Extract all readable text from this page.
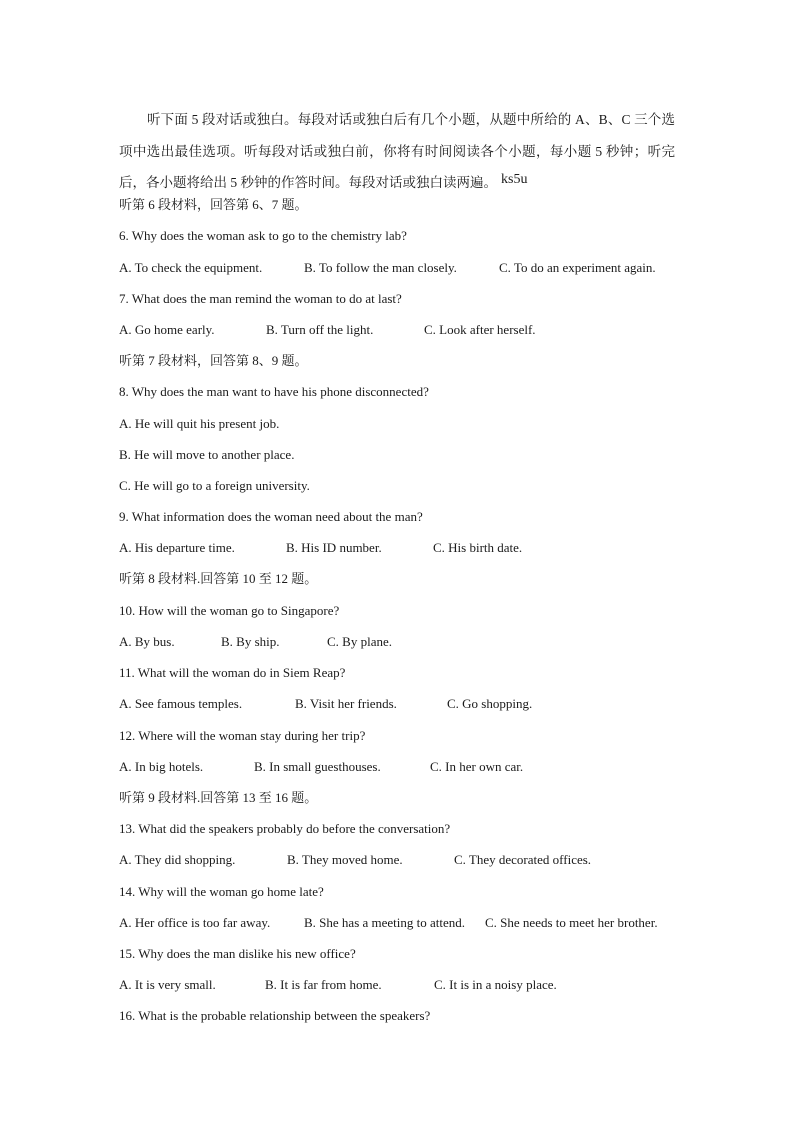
听下面 5 段对话或独白。每段对话或独白后有几个小题，从题中所给的 A、B、C 三个选项中选出最佳选项。听每段对话或独白前，你将有时间阅读各个小题，每小题 5 秒钟；听完后，各小题将给出 5 秒钟的作答时间。每段对话或独白读两遍。 ks5u
听第 6 段材料，回答第 6、7 题。
6. Why does the woman ask to go to the chemistry lab?
A. To check the equipment.	B. To follow the man closely.	C. To do an experiment again.
7. What does the man remind the woman to do at last?
A. Go home early.	B. Turn off the light.	C. Look after herself.
听第 7 段材料，回答第 8、9 题。
8. Why does the man want to have his phone disconnected?
A. He will quit his present job.
B. He will move to another place.
C. He will go to a foreign university.
9. What information does the woman need about the man?
A. His departure time.	B. His ID number.	C. His birth date.
听第 8 段材料.回答第 10 至 12 题。
10. How will the woman go to Singapore?
A. By bus.	B. By ship.	C. By plane.
11. What will the woman do in Siem Reap?
A. See famous temples.	B. Visit her friends.	C. Go shopping.
12. Where will the woman stay during her trip?
A. In big hotels.	B. In small guesthouses.	C. In her own car.
听第 9 段材料.回答第 13 至 16 题。
13. What did the speakers probably do before the conversation?
A. They did shopping.	B. They moved home.	C. They decorated offices.
14. Why will the woman go home late?
A. Her office is too far away.	B. She has a meeting to attend. C. She needs to meet her brother.
15. Why does the man dislike his new office?
A. It is very small.	B. It is far from home.	C. It is in a noisy place.
16. What is the probable relationship between the speakers?
